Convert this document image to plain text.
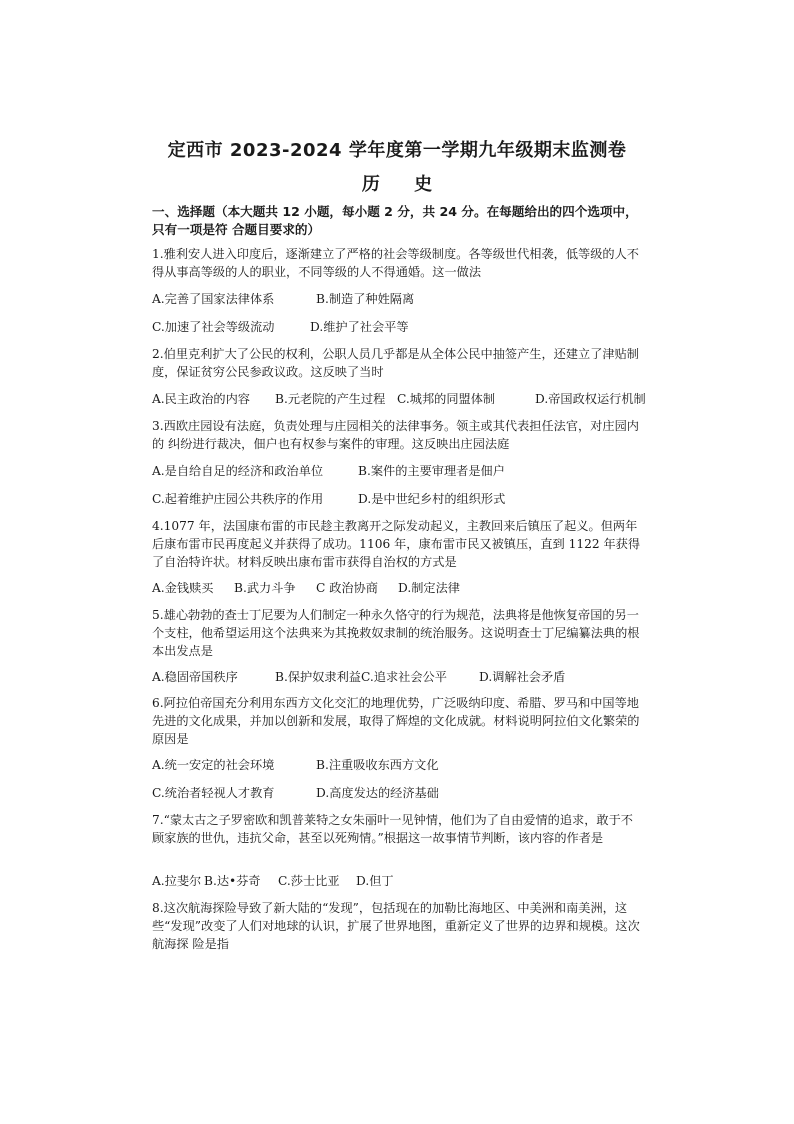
定西市 2023-2024 学年度第一学期九年级期末监测卷
历 史
一、选择题（本大题共 12 小题，每小题 2 分，共 24 分。在每题给出的四个选项中，只有一项是符 合题目要求的）
1.雅利安人进入印度后，逐渐建立了严格的社会等级制度。各等级世代相袭，低等级的人不得从事高等级的人的职业，不同等级的人不得通婚。这一做法
A.完善了国家法律体系	B.制造了种姓隔离
C.加速了社会等级流动	D.维护了社会平等
2.伯里克利扩大了公民的权利，公职人员几乎都是从全体公民中抽签产生，还建立了津贴制度，保证贫穷公民参政议政。这反映了当时
A.民主政治的内容 B.元老院的产生过程 C.城邦的同盟体制	D.帝国政权运行机制
3.西欧庄园设有法庭，负责处理与庄园相关的法律事务。领主或其代表担任法官，对庄园内的 纠纷进行裁决，佃户也有权参与案件的审理。这反映出庄园法庭
A.是自给自足的经济和政治单位	B.案件的主要审理者是佃户
C.起着维护庄园公共秩序的作用	D.是中世纪乡村的组织形式
4.1077 年，法国康布雷的市民趁主教离开之际发动起义，主教回来后镇压了起义。但两年后康布雷市民再度起义并获得了成功。1106 年，康布雷市民又被镇压，直到 1122 年获得了自治特许状。材料反映出康布雷市获得自治权的方式是
A.金钱赎买 B.武力斗争 C 政治协商 D.制定法律
5.雄心勃勃的查士丁尼要为人们制定一种永久恪守的行为规范，法典将是他恢复帝国的另一个支柱，他希望运用这个法典来为其挽救奴隶制的统治服务。这说明查士丁尼编纂法典的根本出发点是
A.稳固帝国秩序	B.保护奴隶利益C.追求社会公平	D.调解社会矛盾
6.阿拉伯帝国充分利用东西方文化交汇的地理优势，广泛吸纳印度、希腊、罗马和中国等地先进的文化成果，并加以创新和发展，取得了辉煌的文化成就。材料说明阿拉伯文化繁荣的原因是
A.统一安定的社会环境	B.注重吸收东西方文化
C.统治者轻视人才教育	D.高度发达的经济基础
7.“蒙太古之子罗密欧和凯普莱特之女朱丽叶一见钟情，他们为了自由爱情的追求，敢于不顾家族的世仇，违抗父命，甚至以死殉情。”根据这一故事情节判断，该内容的作者是
A.拉斐尔 B.达•芬奇 C.莎士比亚 D.但丁
8.这次航海探险导致了新大陆的“发现”，包括现在的加勒比海地区、中美洲和南美洲，这些“发现”改变了人们对地球的认识，扩展了世界地图，重新定义了世界的边界和规模。这次航海探 险是指
